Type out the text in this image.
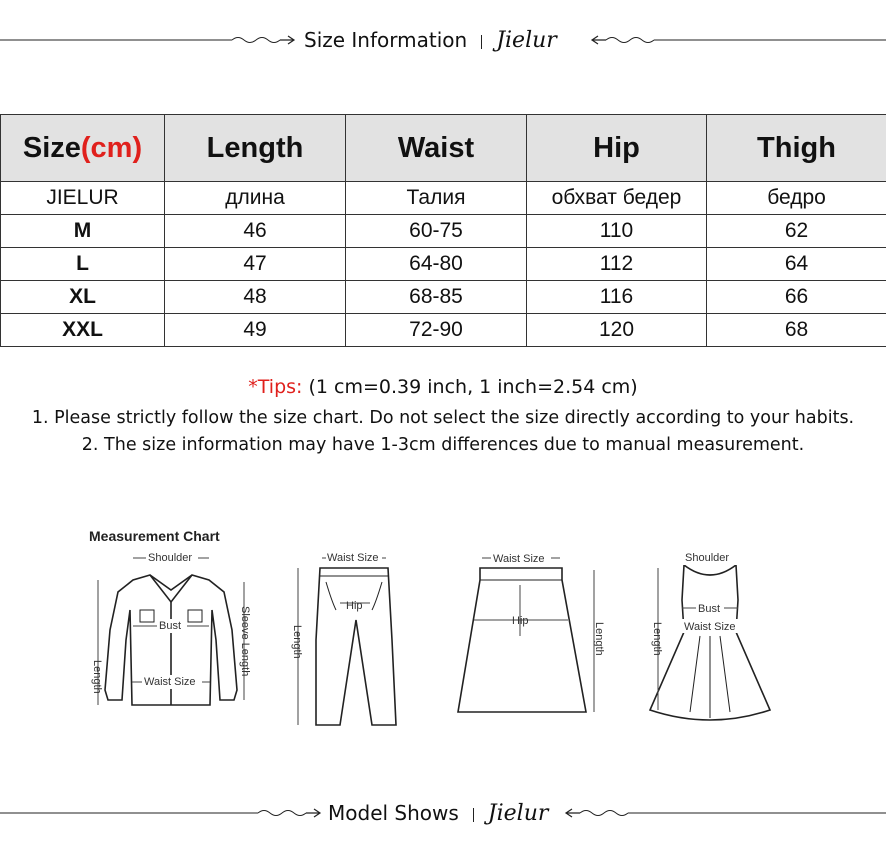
Size Information Jielur
Size(cm)	Length	Waist	Hip	Thigh
JIELUR	длина	Талия	обхват бедер	бедро
M	46	60-75	110	62
L	47	64-80	112	64
XL	48	68-85	116	66
XXL	49	72-90	120	68
*Tips: (1 cm=0.39 inch, 1 inch=2.54 cm)
1. Please strictly follow the size chart. Do not select the size directly according to your habits.
2. The size information may have 1-3cm differences due to manual measurement.
Measurement Chart
Shoulder
Bust
Waist Size
Length
Sleeve Length
Waist Size
Hip
Length
Waist Size
Hip
Length
Shoulder
Bust
Waist Size
Length
Model Shows Jielur
